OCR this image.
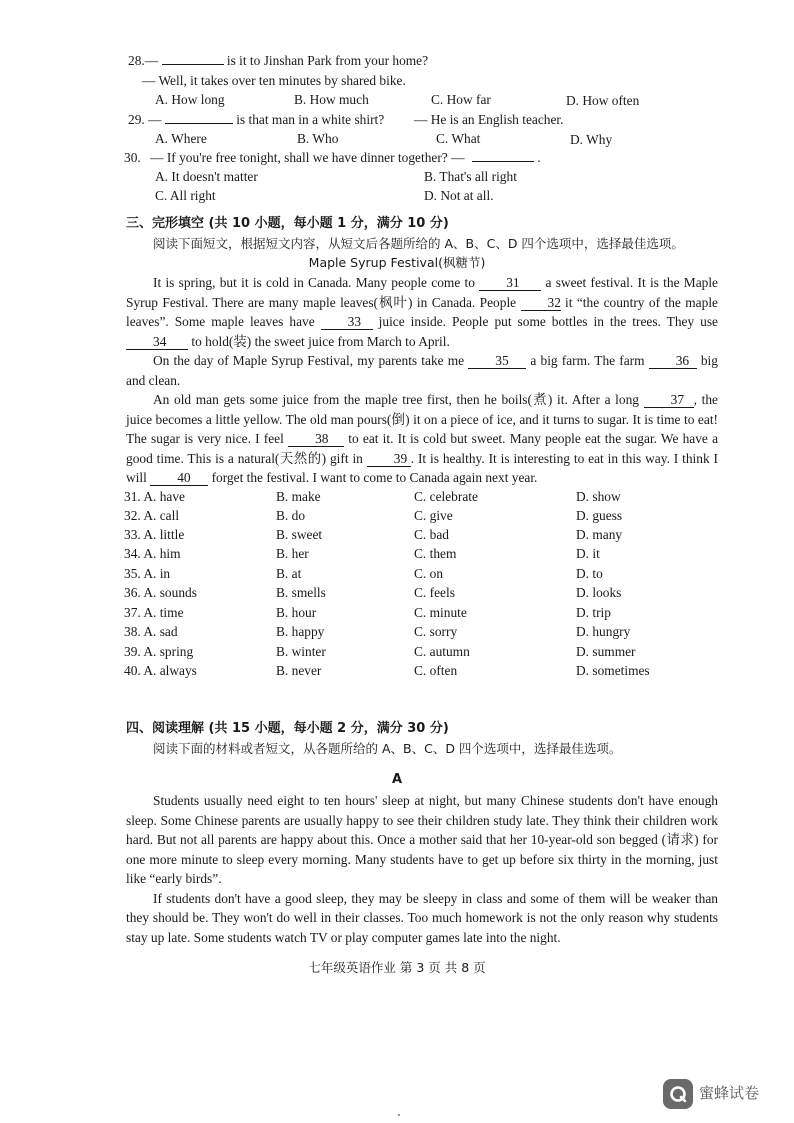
28.—	is it to Jinshan Park from your home?
— Well, it takes over ten minutes by shared bike.
A. How long	B. How much	C. How far	D. How often
29. —	is that man in a white shirt? — He is an English teacher.
A. Where	B. Who	C. What	D. Why
30. — If you're free tonight, shall we have dinner together? —	.
A. It doesn't matter	B. That's all right
C. All right	D. Not at all.
三、完形填空 (共 10 小题，每小题 1 分，满分 10 分)
阅读下面短文，根据短文内容，从短文后各题所给的 A、B、C、D 四个选项中，选择最佳选项。
Maple Syrup Festival(枫糖节)

It is spring, but it is cold in Canada. Many people come to 31 a sweet festival. It is the Maple Syrup Festival. There are many maple leaves(枫叶) in Canada. People 32 it “the country of the maple leaves”. Some maple leaves have 33 juice inside. People put some bottles in the trees. They use 34 to hold(装) the sweet juice from March to April.

On the day of Maple Syrup Festival, my parents take me 35 a big farm. The farm 36 big and clean.

An old man gets some juice from the maple tree first, then he boils(煮) it. After a long 37 , the juice becomes a little yellow. The old man pours(倒) it on a piece of ice, and it turns to sugar. It is time to eat! The sugar is very nice. I feel 38 to eat it. It is cold but sweet. Many people eat the sugar. We have a good time. This is a natural(天然的) gift in 39 . It is healthy. It is interesting to eat in this way. I think I will 40 forget the festival. I want to come to Canada again next year.

31. A. have	B. make	C. celebrate	D. show
32. A. call	B. do	C. give	D. guess
33. A. little	B. sweet	C. bad	D. many
34. A. him	B. her	C. them	D. it
35. A. in	B. at	C. on	D. to
36. A. sounds	B. smells	C. feels	D. looks
37. A. time	B. hour	C. minute	D. trip
38. A. sad	B. happy	C. sorry	D. hungry
39. A. spring	B. winter	C. autumn	D. summer
40. A. always	B. never	C. often	D. sometimes
四、阅读理解 (共 15 小题，每小题 2 分，满分 30 分)
阅读下面的材料或者短文，从各题所给的 A、B、C、D 四个选项中，选择最佳选项。
A

Students usually need eight to ten hours' sleep at night, but many Chinese students don't have enough sleep. Some Chinese parents are usually happy to see their children study late. They think their children work hard. But not all parents are happy about this. Once a mother said that her 10-year-old son begged (请求) for one more minute to sleep every morning. Many students have to get up before six thirty in the morning, just like “early birds”.

If students don't have a good sleep, they may be sleepy in class and some of them will be weaker than they should be. They won't do well in their classes. Too much homework is not the only reason why students stay up late. Some students watch TV or play computer games late into the night.

七年级英语作业 第 3 页 共 8 页
蜜蜂试卷
